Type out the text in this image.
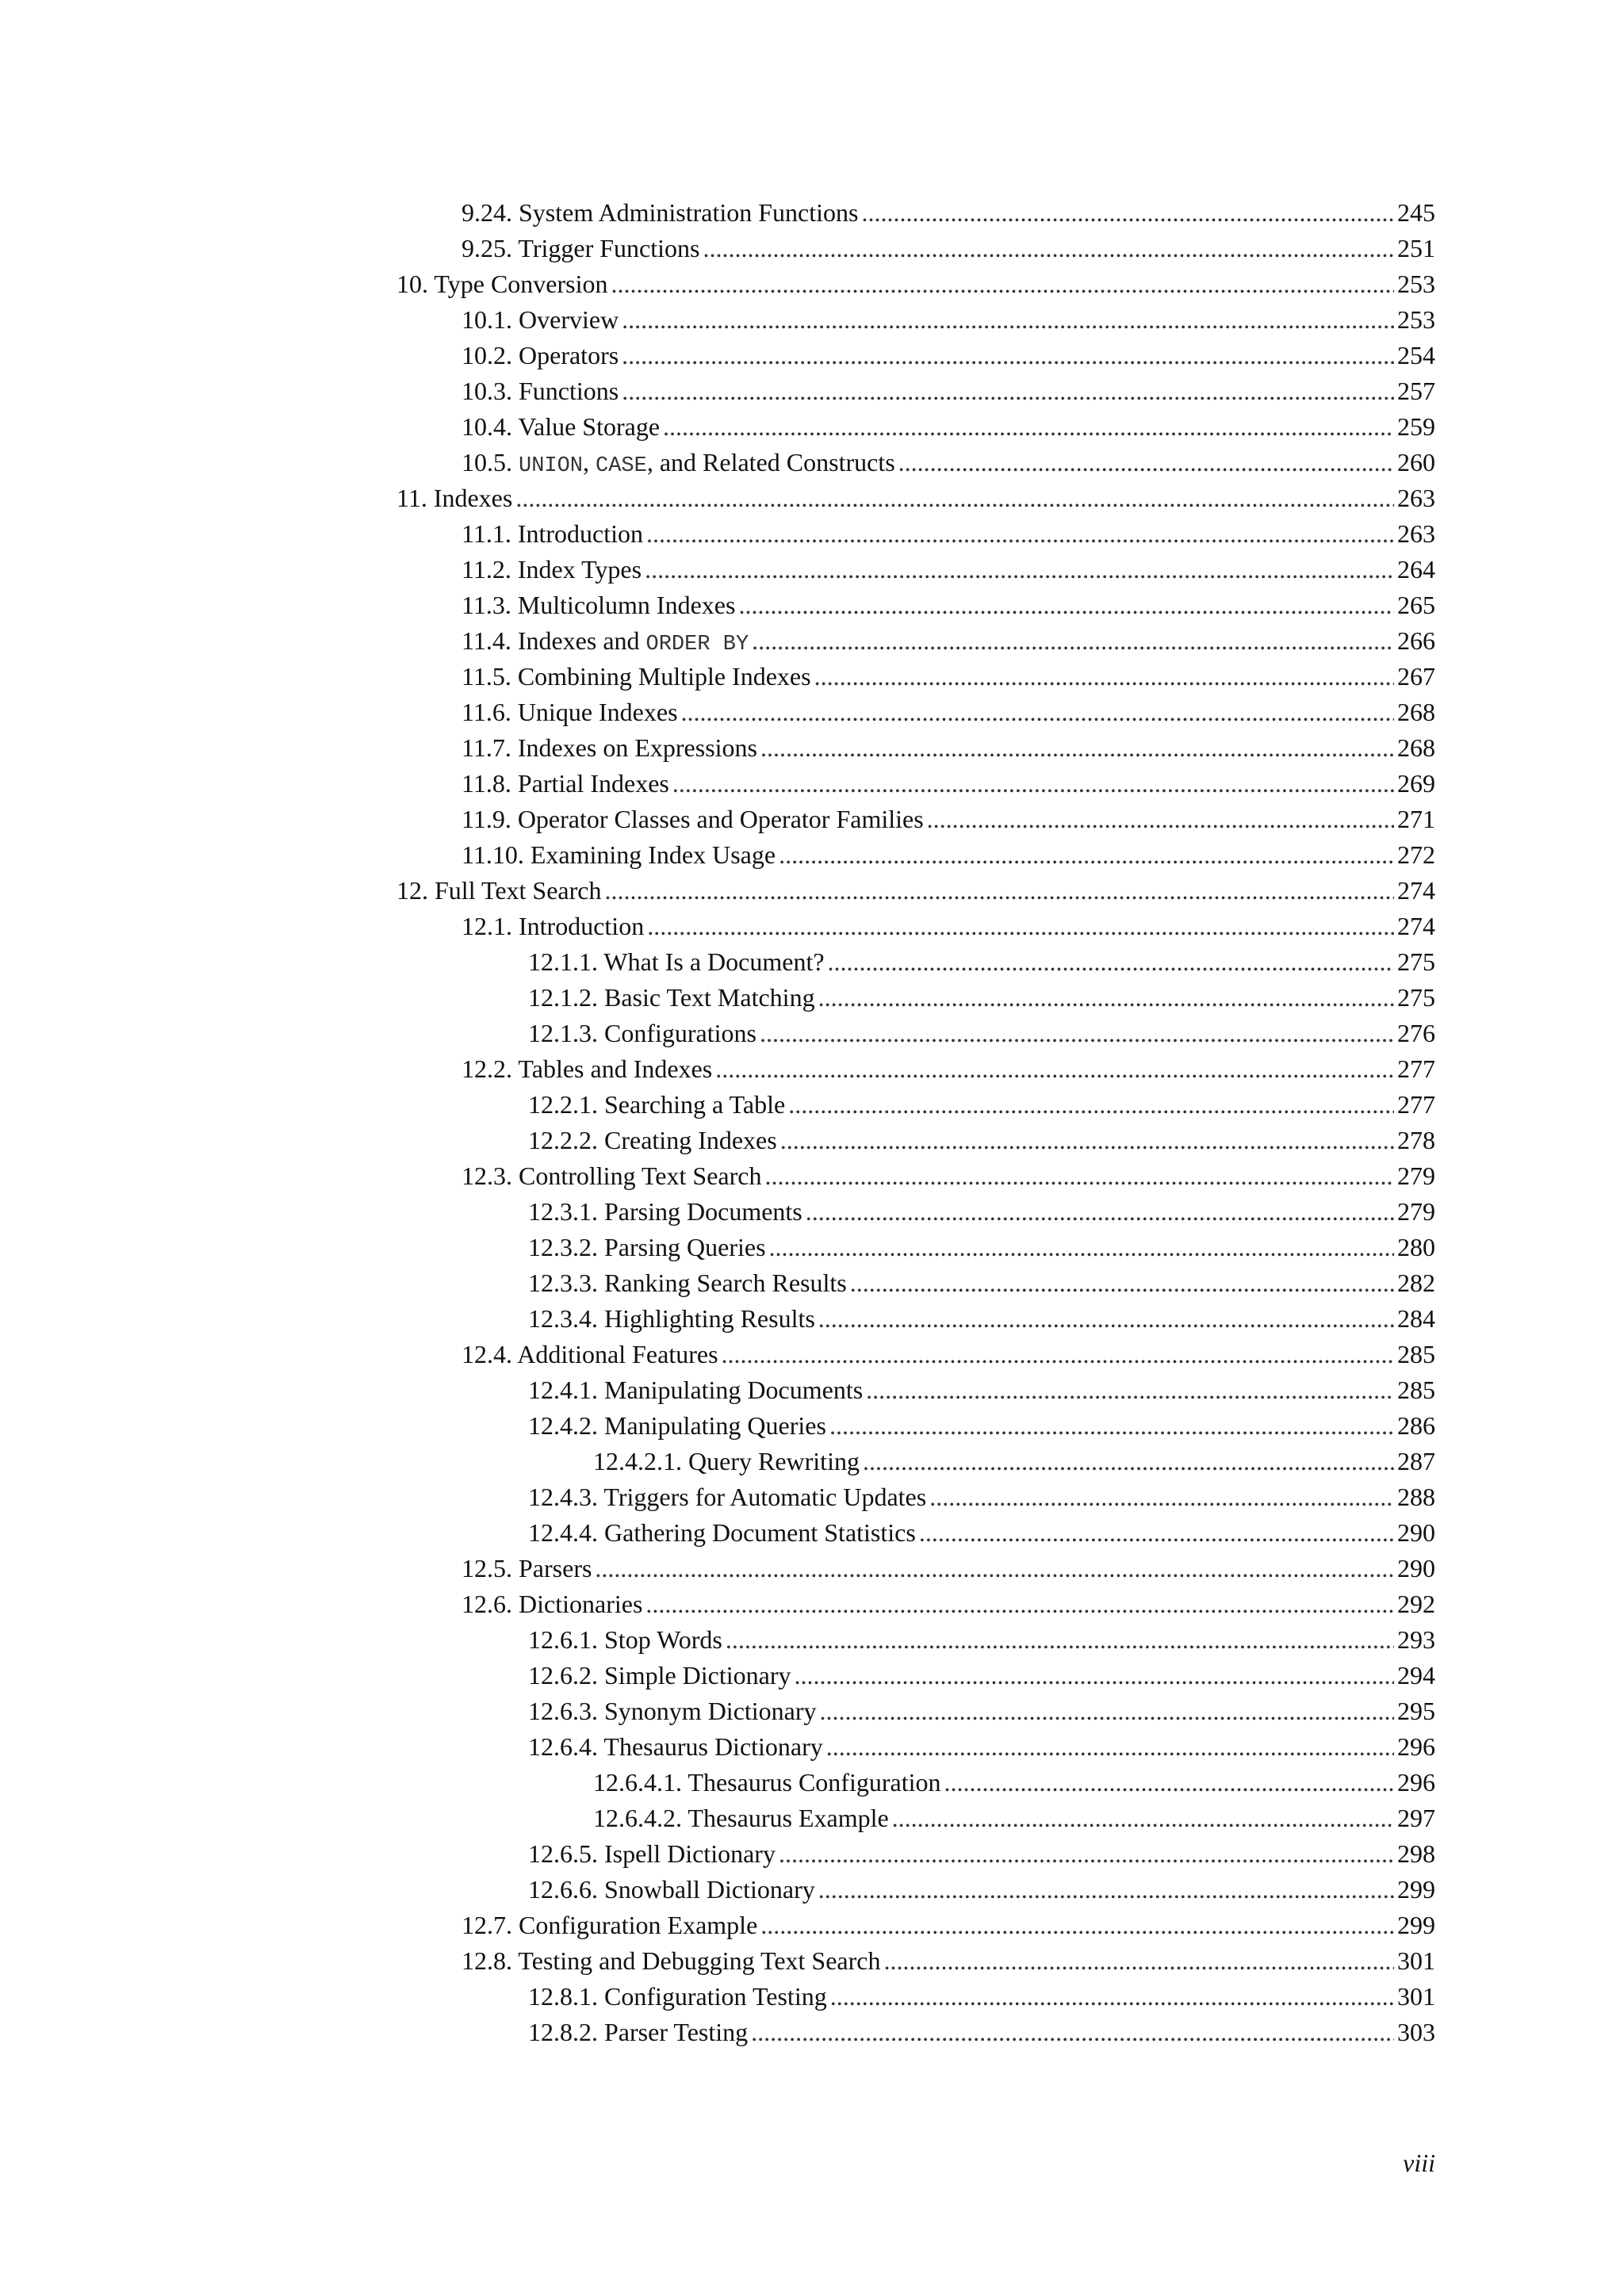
9.24. System Administration Functions . . .	245
9.25. Trigger Functions . . .	251
10. Type Conversion . . .	253
10.1. Overview . . .	253
10.2. Operators . . .	254
10.3. Functions . . .	257
10.4. Value Storage . . .	259
10.5. UNION, CASE, and Related Constructs . . .	260
11. Indexes . . .	263
11.1. Introduction . . .	263
11.2. Index Types . . .	264
11.3. Multicolumn Indexes . . .	265
11.4. Indexes and ORDER BY . . .	266
11.5. Combining Multiple Indexes . . .	267
11.6. Unique Indexes . . .	268
11.7. Indexes on Expressions . . .	268
11.8. Partial Indexes . . .	269
11.9. Operator Classes and Operator Families . . .	271
11.10. Examining Index Usage . . .	272
12. Full Text Search . . .	274
12.1. Introduction . . .	274
12.1.1. What Is a Document? . . .	275
12.1.2. Basic Text Matching . . .	275
12.1.3. Configurations . . .	276
12.2. Tables and Indexes . . .	277
12.2.1. Searching a Table . . .	277
12.2.2. Creating Indexes . . .	278
12.3. Controlling Text Search . . .	279
12.3.1. Parsing Documents . . .	279
12.3.2. Parsing Queries . . .	280
12.3.3. Ranking Search Results . . .	282
12.3.4. Highlighting Results . . .	284
12.4. Additional Features . . .	285
12.4.1. Manipulating Documents . . .	285
12.4.2. Manipulating Queries . . .	286
12.4.2.1. Query Rewriting . . .	287
12.4.3. Triggers for Automatic Updates . . .	288
12.4.4. Gathering Document Statistics . . .	290
12.5. Parsers . . .	290
12.6. Dictionaries . . .	292
12.6.1. Stop Words . . .	293
12.6.2. Simple Dictionary . . .	294
12.6.3. Synonym Dictionary . . .	295
12.6.4. Thesaurus Dictionary . . .	296
12.6.4.1. Thesaurus Configuration . . .	296
12.6.4.2. Thesaurus Example . . .	297
12.6.5. Ispell Dictionary . . .	298
12.6.6. Snowball Dictionary . . .	299
12.7. Configuration Example . . .	299
12.8. Testing and Debugging Text Search . . .	301
12.8.1. Configuration Testing . . .	301
12.8.2. Parser Testing . . .	303
viii
